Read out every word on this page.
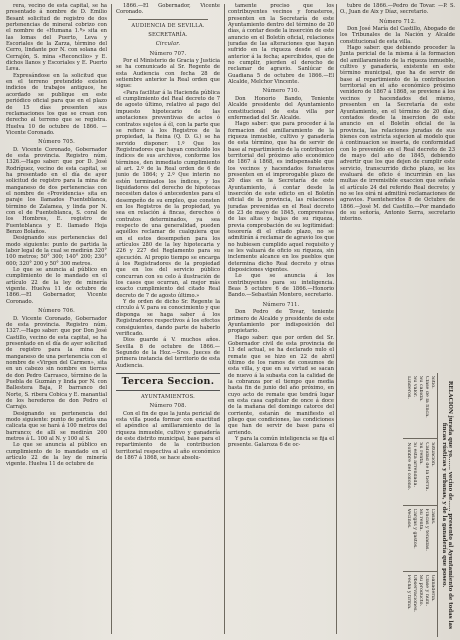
rera, vecino de esta capital, se ha presentado á nombre de D. Emilio Besant solicitud de registro de dos pertenencias de mineral cobrizo con el nombre de «Humana 1.ª» sita en las lomas del Puerto, Leva y Escoriales de la Zarza, término del Cerro, lindante por N. con solana del Cerrajón, S. mina «Reconcilio» y E. dichos llanos y Escoriales y E. Puerto Leva.

Expresándose en la solicitud que en el terreno pretendido existen indicios de trabajos antiguos, he acordado se publique en este periódico oficial para que en el plazo de 15 días presenten sus reclamaciones los que se crean con derecho al terreno que se registra. Huelva 10 de octubre de 1866. —Vicente Coronado.

Número 705.

D. Vicente Coronado, Gobernador de esta provincia. Registro núm. 1326.—Hago saber: que por D. José Rodríguez, vecino de esta capital, se ha presentado en el día de ayer solicitud de registro para la mina de manganeso de dos pertenencias con el nombre de «Providencia» sita en paraje los llamados Fuenteblanca, término de Zalamea, y linda por N. con el de Fuenteblanca, S. coral de los Hombres, E. registro de Fuenteblanca y E. llamado Hoja Benzo Bolaños.

Designando sus pertenencias del modo siguiente: punto de partida la labor legal de la cual se medirán 320° 100 metros; 50° 300; 140° 200; 230° 600; 320° 200 y 50° 300 metros.

Lo que se anuncia al público en cumplimiento de lo mandado en el artículo 22 de la ley de minería vigente. Huelva 11 de octubre de 1866.—El Gobernador, Vicente Coronado.

Número 706.

D. Vicente Coronado, Gobernador de esta provincia. Registro núm. 1327.—Hago saber: que por Don José Castillo, vecino de esta capital, se ha presentado en el día de ayer solicitud de registro para la mina de manganeso de una pertenencia con el nombre de «Virgen del Carmen», sita en un cabezo sin nombre en tierras de don Pedro Carrasco, término de la Puebla de Guzmán y linda por N. con Ballestera Baja, P. barranco del Norte, S. ribera Cobica y E. manantial de los herederos de don Pedro el Carrajo.

Designando su pertenencia del modo siguiente: punto de partida una calicata que se hará á 100 metros del barranco; de allí se medirán 200 metros á L. 100 al N. y 100 al S.

Lo que se anuncia al público en cumplimiento de lo mandado en el artículo 22 de la ley de minería vigente. Huelva 11 de octubre de

1866.—El Gobernador, Vicente Coronado.

AUDIENCIA DE SEVILLA.
SECRETARÍA.
Circular.
Número 707.

Por el Ministerio de Gracia y Justicia se ha comunicado al Sr. Regente de esta Audiencia con fecha 28 de setiembre anterior la Real orden que sigue:

«Para facilitar á la Hacienda pública el cumplimiento del Real decreto de 7 de agosto último, relativo al pago del impuesto hipotecario de las anotaciones preventivas de actos ó contratos sujetos á él, con la parte que se refiere á los Registros de la propiedad, la Reina (Q. D. G.) se ha servido disponer: 1.º Que los Registradores que hayan concluido los índices de sus archivos, conforme los términos, den inmediato cumplimiento al art. 2.º de la Real orden de 6 de junio de 1864; y 2.º Que interin no estén terminados los índices, y los liquidadores del derecho de hipotecas necesiten datos ó antecedentes para el desempeño de su empleo, que consten en los Registros de la propiedad, ya sea en relación á fincas, derechos ó contratos determinados, ya sea respecto de una generalidad, pueden aquéllos reclamar de cualquiera que en el estos desempeñen para los artículos 280 de la ley hipotecaria y 226 y 227 del Reglamento para su ejecución. Al propio tiempo se encarga á los Registradores de la propiedad que en los del servicio público concurran con su celo á ilustración de los casos que ocurran, al mejor más exacto cumplimiento del citado Real decreto de 7 de agosto último.»

Y de orden de dicho Sr. Regente la circulo á V. para su conocimiento y que disponga se haga saber á los Registradores respectivos á los efectos consiguientes, dando parte de haberlo verificado.

Dios guarde á V. muchos años. Sevilla 8 de octubre de 1866.—Segundo de la Hoz.—Sres. Jueces de primera instancia del territorio de esta Audiencia.

Tercera Seccion.
AYUNTAMIENTOS.
Número 708.

Con el fin de que la junta pericial de esta villa pueda formar con exactitud el apéndice al amillaramiento de la riqueza inmueble, cultivo y ganadería de este distrito municipal, base para el repartimiento de la contribucion territorial respectiva al año económico de 1867 á 1868, se hace absolu-

tamente preciso que los contribuyentes vecinos y forasteros, presenten en la Secretaría de este Ayuntamiento dentro del término de 20 días, á contar desde la inserción de este anuncio en el Boletín oficial, relaciones juradas de las alteraciones que hayan sufrido en la riqueza desde el año anterior á la fecha; apercibidos, que de no cumplir, pierden el derecho de reclamar de agravio. Sanlúcar de Guadiana 5 de octubre de 1866.—El Alcalde, Melchor Vincente.

Número 710.

Don Honorio Bando, Teniente Alcalde presidente del Ayuntamiento constitucional de esta villa por enfermedad del Sr. Alcalde.

Hago saber: que para proceder á la formacion del amillaramiento de la riqueza inmueble, cultivo y ganadería de esta término, que ha de servir de base al repartimiento de la contribucion territorial del próximo año económico de 1867 á 1868, es indispensable que los vecinos y hacendados forasteros presenten en el improrogable plazo de 20 días en la Secretaría de este Ayuntamiento, á contar desde la inserción de este edicto en el Boletín oficial de la provincia, las relaciones juradas prevenidas en el Real decreto de 23 de mayo de 1845, comprensivas de las altas y bajas de su riqueza, previa comprobación de su legitimidad: tesorería di el citado plazo, no se admitirán á reclamar de agravio los que no hubiesen cumplido aquel requisito y se les valuará de oficio su riqueza, sin inclemente alcance en los pueblos que determina dicho Real decreto y otras disposiciones vigentes.

Lo que se anuncia á los contribuyentes para su inteligencia. Beas 5 octubre 6 de 1866.—Honorio Bando.—Sebastián Montero, secretario.

Número 711.

Don Pedro de Tovar, teniente primero de Alcalde y presidente de este Ayuntamiento por indisposición del propietario.

Hago saber: que por orden del Sr. Gobernador civil de esta provincia de 13 del actual, se ha declarado nulo el remate que se hizo en 22 de abril último de los ramos de consumos de esta villa, y que en su virtud se sacan de nuevo á la subasta con la calidad de la cobranza por el tiempo que media hasta fin de junio del año próximo, en cuyo acto de remate que tendrá lugar en esta casa capitular de once á doce de la mañana del domingo catorce del corriente, estarán de manifiesto el pliego que condiciones, las condiciones que han de servir de base para el arriendo.

Y para la común inteligencia se fija el presente. Galaroza 6 de oc-

tubre de 1866.—Pedro de Tovar. —P. S. O., Juan de Aix y Díaz, secretario.

Número 712.

Don José María del Castillo, Abogado de los Tribunales de la Nación y Alcalde constitucional de esta villa.

Hago saber: que debiendo proceder la Junta pericial de la misma á la formacion del amillaramiento de la riqueza inmueble, cultivo y ganadería, existente en este término municipal, que ha de servir de base al repartimiento de la contribucion territorial en el año económico próximo venidero de 1867 á 1868, se previene á los vecinos y hacendados del mismo, presenten en la Secretaría de este Ayuntamiento, en el término de 20 días, contados desde la insercion de este anuncio en el Boletín oficial de la provincia, las relaciones juradas de sus bienes con estricta sujecion al modelo que á continuacion se inserta, de conformidad con lo prevenido en el Real decreto de 23 de mayo del año de 1845, debiendo advertir que los que dejen de cumplir este servicio, transcurrido dicho plazo, se les evaluará de oficio é incurrirán en las multas de irremisible exaccion que señala el artículo 24 del referido Real decreto; y no se les oirá ni admitirá reclamaciones de agravios. Fuenteheridos 8 de Octubre de 1866.—José M. del Castillo.—Por mandado de su señoría, Antonio Serra, secretario interino.

RELACION jurada que yo....... vecino de...... presento al Ayuntamiento de todas las fincas rústicas y urbanas, y de la ganadería que poseo.
Sitio.
Clase de la finca.
Su cabida.
Su valor.
Linderos.
Situacion.
Calidad de la tierra.
Su renta.
Si está arrendada.
Nombre del colono.
Casas.
Fincas y tenadas.
Su renta.
Cargas y gastos.
Vecinos.
Ganadería.
Clase y núm.
Su producto.
Observaciones.
Fecha y firma.
